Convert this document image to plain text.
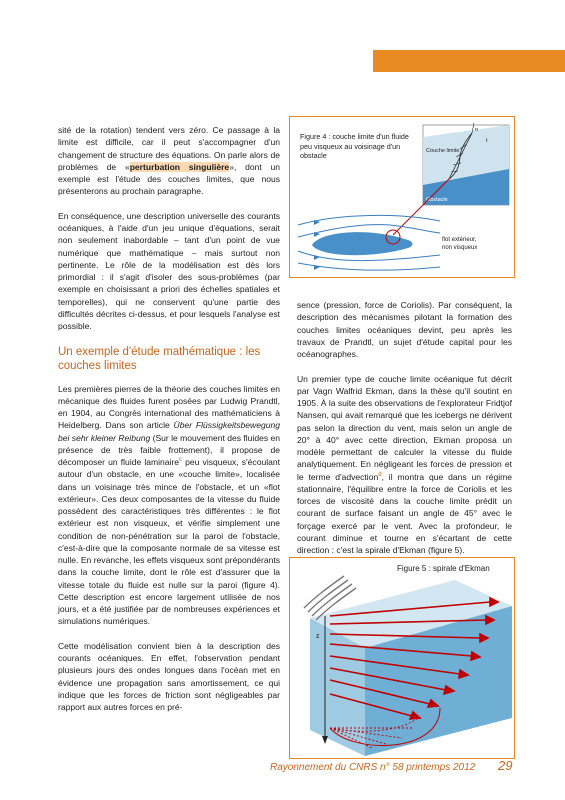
sité de la rotation) tendent vers zéro. Ce passage à la limite est difficile, car il peut s'accompagner d'un changement de structure des équations. On parle alors de problèmes de «perturbation singulière», dont un exemple est l'étude des couches limites, que nous présenterons au prochain paragraphe.

En conséquence, une description universelle des courants océaniques, à l'aide d'un jeu unique d'équations, serait non seulement inabordable – tant d'un point de vue numérique que mathématique – mais surtout non pertinente. Le rôle de la modélisation est dès lors primordial : il s'agit d'isoler des sous-problèmes (par exemple en choisissant a priori des échelles spatiales et temporelles), qui ne conservent qu'une partie des difficultés décrites ci-dessus, et pour lesquels l'analyse est possible.

Un exemple d'étude mathématique : les couches limites

Les premières pierres de la théorie des couches limites en mécanique des fluides furent posées par Ludwig Prandtl, en 1904, au Congrès international des mathématiciens à Heidelberg. Dans son article Über Flüssigkeitsbewegung bei sehr kleiner Reibung (Sur le mouvement des fluides en présence de très faible frottement), il propose de décomposer un fluide laminaire$^c$ peu visqueux, s'écoulant autour d'un obstacle, en une «couche limite», localisée dans un voisinage très mince de l'obstacle, et un «flot extérieur». Ces deux composantes de la vitesse du fluide possèdent des caractéristiques très différentes : le flot extérieur est non visqueux, et vérifie simplement une condition de non-pénétration sur la paroi de l'obstacle, c'est-à-dire que la composante normale de sa vitesse est nulle. En revanche, les effets visqueux sont prépondérants dans la couche limite, dont le rôle est d'assurer que la vitesse totale du fluide est nulle sur la paroi (figure 4). Cette description est encore largement utilisée de nos jours, et a été justifiée par de nombreuses expériences et simulations numériques.

Cette modélisation convient bien à la description des courants océaniques. En effet, l'observation pendant plusieurs jours des ondes longues dans l'océan met en évidence une propagation sans amortissement, ce qui indique que les forces de friction sont négligeables par rapport aux autres forces en pré-

Figure 4 : couche limite d'un fluide peu visqueux au voisinage d'un obstacle
n
t
Couche limite
Obstacle
flot extérieur, non visqueux

sence (pression, force de Coriolis). Par conséquent, la description des mécanismes pilotant la formation des couches limites océaniques devint, peu après les travaux de Prandtl, un sujet d'étude capital pour les océanographes.

Un premier type de couche limite océanique fut décrit par Vagn Walfrid Ekman, dans la thèse qu'il soutint en 1905. À la suite des observations de l'explorateur Fridtjof Nansen, qui avait remarqué que les icebergs ne dérivent pas selon la direction du vent, mais selon un angle de 20° à 40° avec cette direction, Ekman proposa un modèle permettant de calculer la vitesse du fluide analytiquement. En négligeant les forces de pression et le terme d'advection$^d$, il montra que dans un régime stationnaire, l'équilibre entre la force de Coriolis et les forces de viscosité dans la couche limite prédit un courant de surface faisant un angle de 45° avec le forçage exercé par le vent. Avec la profondeur, le courant diminue et tourne en s'écartant de cette direction : c'est la spirale d'Ekman (figure 5).

Figure 5 : spirale d'Ekman
z
Rayonnement du CNRS n° 58 printemps 2012 29
